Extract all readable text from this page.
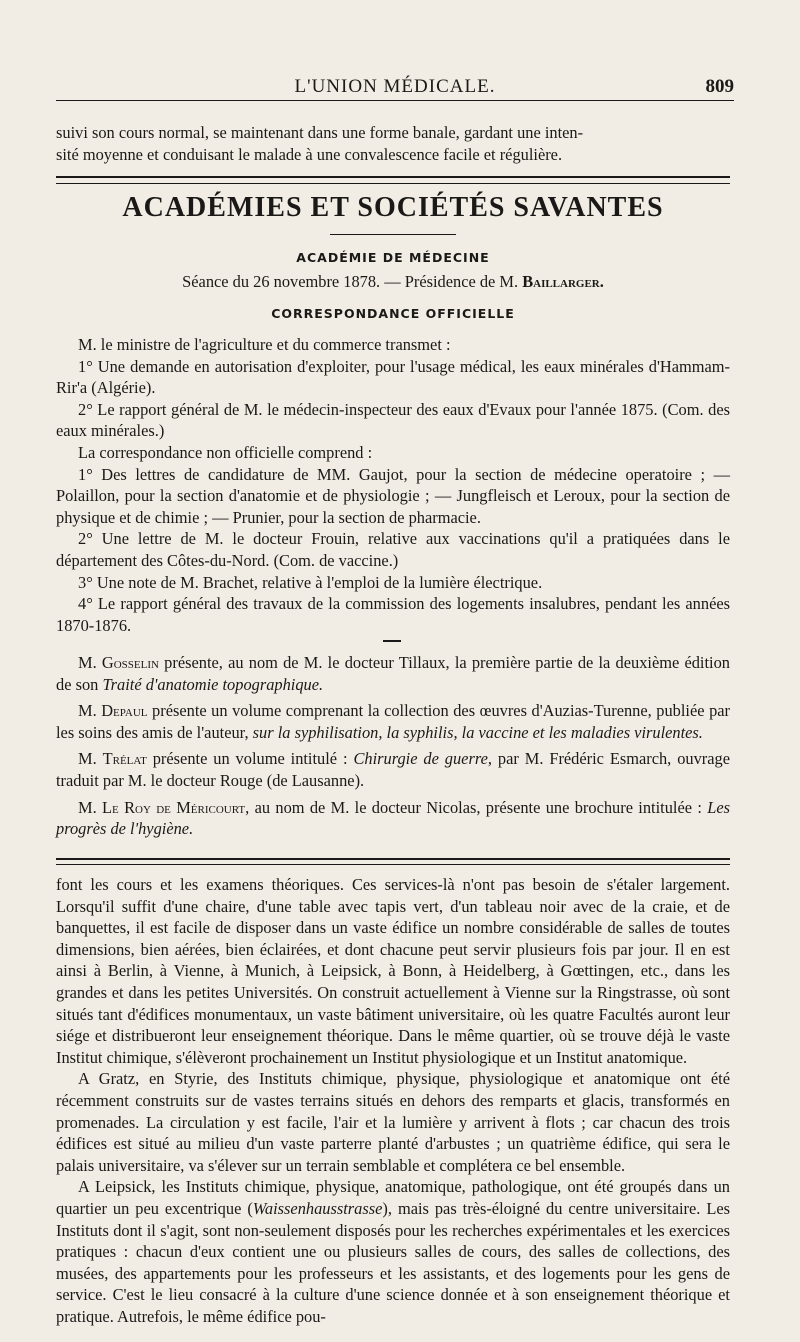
L'UNION MÉDICALE.	809

suivi son cours normal, se maintenant dans une forme banale, gardant une inten-

sité moyenne et conduisant le malade à une convalescence facile et régulière.

ACADÉMIES ET SOCIÉTÉS SAVANTES
ACADÉMIE DE MÉDECINE
Séance du 26 novembre 1878. — Présidence de M. Baillarger.
CORRESPONDANCE OFFICIELLE

M. le ministre de l'agriculture et du commerce transmet :

1° Une demande en autorisation d'exploiter, pour l'usage médical, les eaux minérales d'Hammam-Rir'a (Algérie).

2° Le rapport général de M. le médecin-inspecteur des eaux d'Evaux pour l'année 1875. (Com. des eaux minérales.)

La correspondance non officielle comprend :

1° Des lettres de candidature de MM. Gaujot, pour la section de médecine operatoire ; — Polaillon, pour la section d'anatomie et de physiologie ; — Jungfleisch et Leroux, pour la section de physique et de chimie ; — Prunier, pour la section de pharmacie.

2° Une lettre de M. le docteur Frouin, relative aux vaccinations qu'il a pratiquées dans le département des Côtes-du-Nord. (Com. de vaccine.)

3° Une note de M. Brachet, relative à l'emploi de la lumière électrique.

4° Le rapport général des travaux de la commission des logements insalubres, pendant les années 1870-1876.

M. Gosselin présente, au nom de M. le docteur Tillaux, la première partie de la deuxième édition de son Traité d'anatomie topographique.

M. Depaul présente un volume comprenant la collection des œuvres d'Auzias-Turenne, publiée par les soins des amis de l'auteur, sur la syphilisation, la syphilis, la vaccine et les maladies virulentes.

M. Trélat présente un volume intitulé : Chirurgie de guerre, par M. Frédéric Esmarch, ouvrage traduit par M. le docteur Rouge (de Lausanne).

M. Le Roy de Méricourt, au nom de M. le docteur Nicolas, présente une brochure intitulée : Les progrès de l'hygiène.

font les cours et les examens théoriques. Ces services-là n'ont pas besoin de s'étaler largement. Lorsqu'il suffit d'une chaire, d'une table avec tapis vert, d'un tableau noir avec de la craie, et de banquettes, il est facile de disposer dans un vaste édifice un nombre considérable de salles de toutes dimensions, bien aérées, bien éclairées, et dont chacune peut servir plusieurs fois par jour. Il en est ainsi à Berlin, à Vienne, à Munich, à Leipsick, à Bonn, à Heidelberg, à Gœttingen, etc., dans les grandes et dans les petites Universités. On construit actuellement à Vienne sur la Ringstrasse, où sont situés tant d'édifices monumentaux, un vaste bâtiment universitaire, où les quatre Facultés auront leur siége et distribueront leur enseignement théorique. Dans le même quartier, où se trouve déjà le vaste Institut chimique, s'élèveront prochainement un Institut physiologique et un Institut anatomique.

A Gratz, en Styrie, des Instituts chimique, physique, physiologique et anatomique ont été récemment construits sur de vastes terrains situés en dehors des remparts et glacis, transformés en promenades. La circulation y est facile, l'air et la lumière y arrivent à flots ; car chacun des trois édifices est situé au milieu d'un vaste parterre planté d'arbustes ; un quatrième édifice, qui sera le palais universitaire, va s'élever sur un terrain semblable et complétera ce bel ensemble.

A Leipsick, les Instituts chimique, physique, anatomique, pathologique, ont été groupés dans un quartier un peu excentrique (Waissenhausstrasse), mais pas très-éloigné du centre universitaire. Les Instituts dont il s'agit, sont non-seulement disposés pour les recherches expérimentales et les exercices pratiques : chacun d'eux contient une ou plusieurs salles de cours, des salles de collections, des musées, des appartements pour les professeurs et les assistants, et des logements pour les gens de service. C'est le lieu consacré à la culture d'une science donnée et à son enseignement théorique et pratique. Autrefois, le même édifice pou-
